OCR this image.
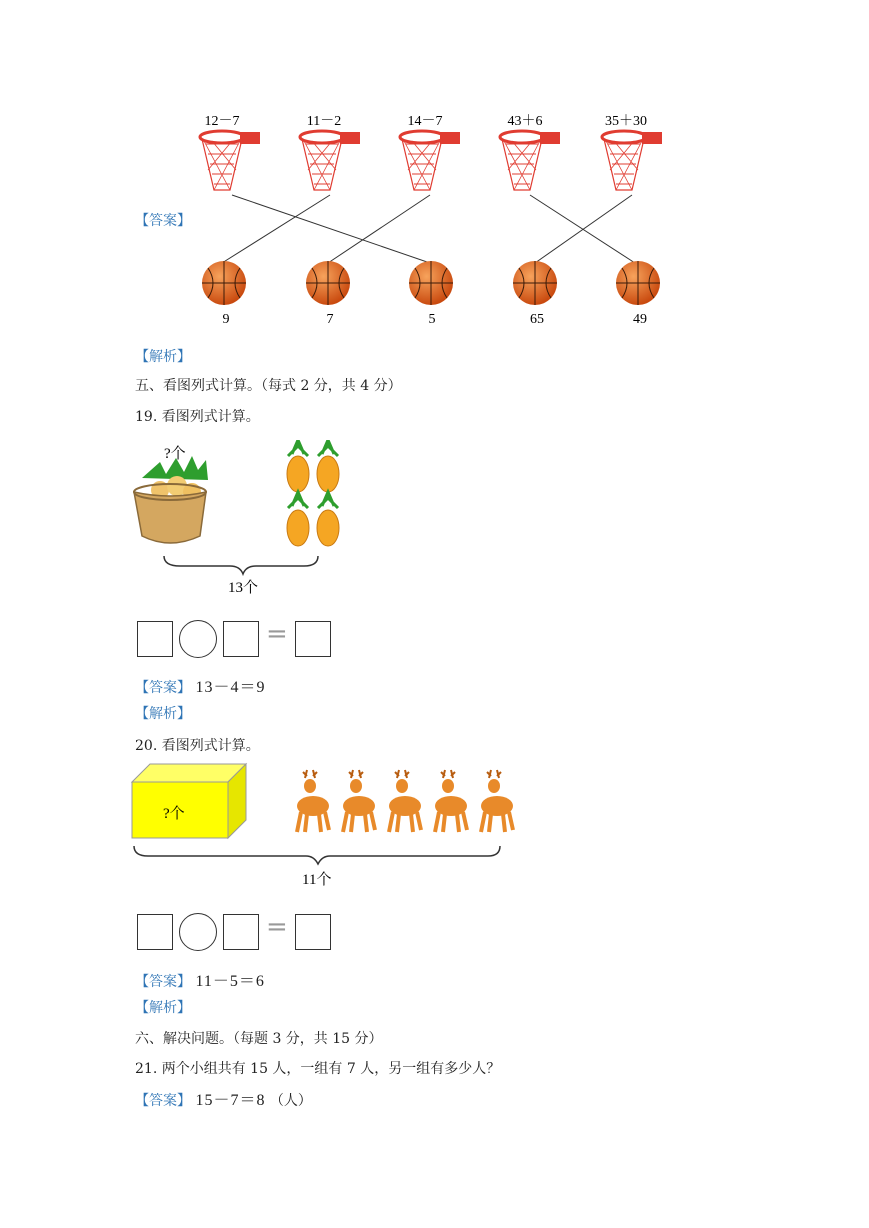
12－7	11－2	14－7	43＋6	35＋30
9	7	5	65	49
【答案】
【解析】
五、看图列式计算。（每式 2 分，共 4 分）
19. 看图列式计算。
?个
13个
=
【答案】 13－4＝9
【解析】
20. 看图列式计算。
?个
11个
=
【答案】 11－5＝6
【解析】
六、解决问题。（每题 3 分，共 15 分）
21. 两个小组共有 15 人，一组有 7 人，另一组有多少人？
【答案】 15－7＝8 （人）
